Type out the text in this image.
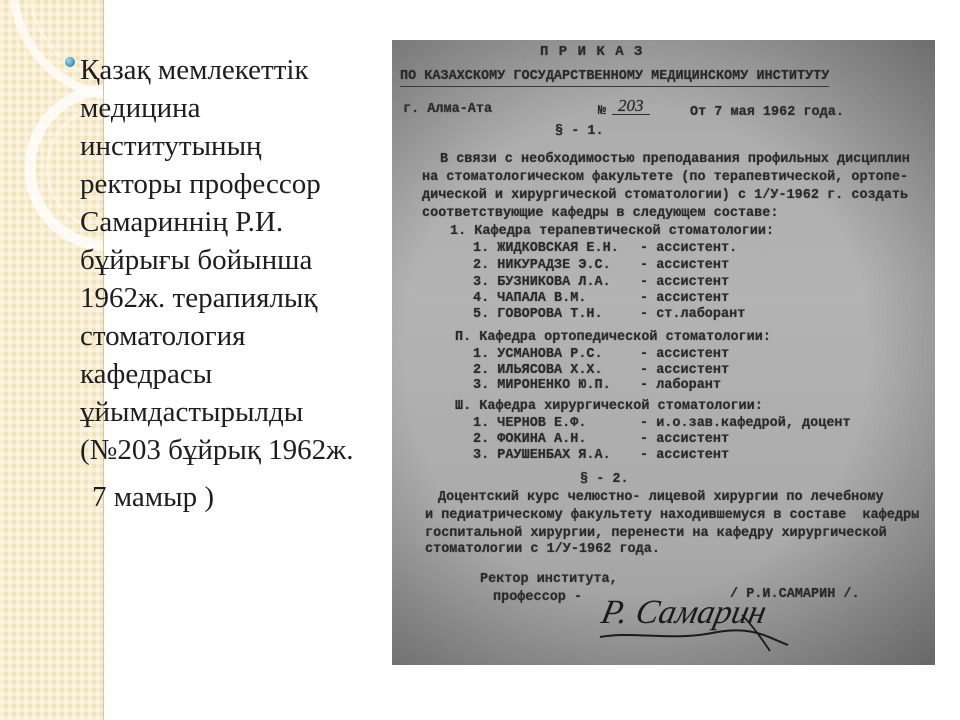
Қазақ мемлекеттік
медицина
институтының
ректоры профессор
Самариннің Р.И.
бұйрығы бойынша
1962ж. терапиялық
стоматология
кафедрасы
ұйымдастырылды
(№203 бұйрық 1962ж.
7 мамыр )
П Р И К А З
ПО КАЗАХСКОМУ ГОСУДАРСТВЕННОМУ МЕДИЦИНСКОМУ ИНСТИТУТУ
г. Алма-Ата	№ 203	От 7 мая 1962 года.
§ - 1.
В связи с необходимостью преподавания профильных дисциплин
на стоматологическом факультете (по терапевтической, ортопе-
дической и хирургической стоматологии) с 1/У-1962 г. создать
соответствующие кафедры в следующем составе:
1. Кафедра терапевтической стоматологии:
1. ЖИДКОВСКАЯ Е.Н. - ассистент.
2. НИКУРАДЗЕ Э.С. - ассистент
3. БУЗНИКОВА Л.А. - ассистент
4. ЧАПАЛА В.М.	- ассистент
5. ГОВОРОВА Т.Н.	- ст.лаборант
П. Кафедра ортопедической стоматологии:
1. УСМАНОВА Р.С.	- ассистент
2. ИЛЬЯСОВА Х.Х.	- ассистент
3. МИРОНЕНКО Ю.П. - лаборант
Ш. Кафедра хирургической стоматологии:
1. ЧЕРНОВ Е.Ф.	- и.о.зав.кафедрой, доцент
2. ФОКИНА А.Н.	- ассистент
3. РАУШЕНБАХ Я.А. - ассистент
§ - 2.
Доцентский курс челюстно- лицевой хирургии по лечебному
и педиатрическому факультету находившемуся в составе  кафедры
госпитальной хирургии, перенести на кафедру хирургической
стоматологии с 1/У-1962 года.
Ректор института,
профессор -	/ Р.И.САМАРИН /.
Р. Самарин
